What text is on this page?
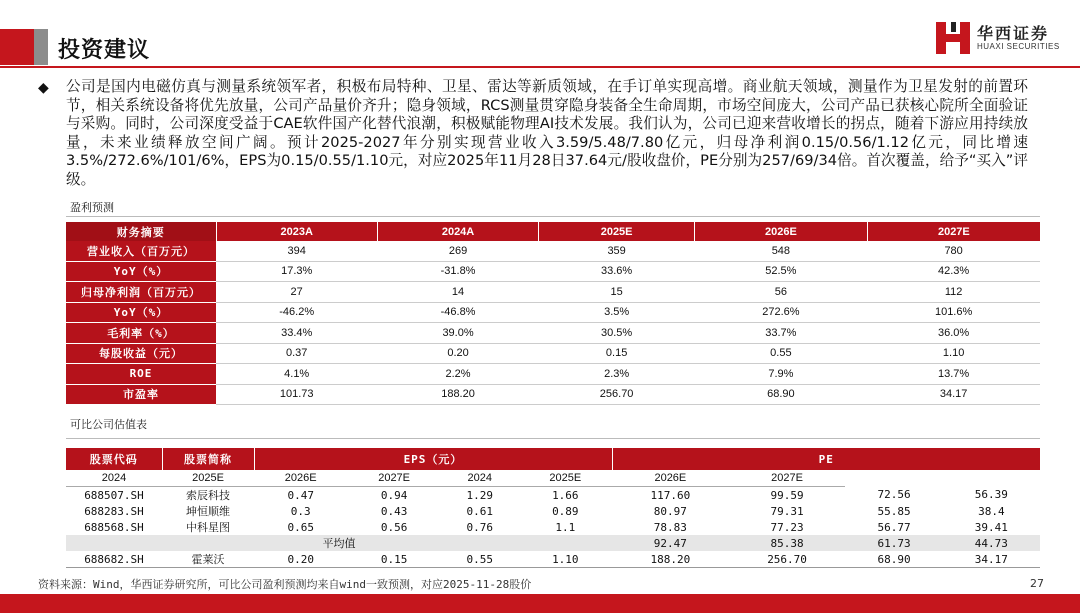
投资建议
华西证券
HUAXI SECURITIES
◆ 公司是国内电磁仿真与测量系统领军者，积极布局特种、卫星、雷达等新质领域，在手订单实现高增。商业航天领域，测量作为卫星发射的前置环节，相关系统设备将优先放量，公司产品量价齐升；隐身领域，RCS测量贯穿隐身装备全生命周期，市场空间庞大，公司产品已获核心院所全面验证与采购。同时，公司深度受益于CAE软件国产化替代浪潮，积极赋能物理AI技术发展。我们认为，公司已迎来营收增长的拐点，随着下游应用持续放量，未来业绩释放空间广阔。预计2025-2027年分别实现营业收入3.59/5.48/7.80亿元，归母净利润0.15/0.56/1.12亿元，同比增速3.5%/272.6%/101/6%，EPS为0.15/0.55/1.10元，对应2025年11月28日37.64元/股收盘价，PE分别为257/69/34倍。首次覆盖，给予“买入”评级。
盈利预测
财务摘要	2023A	2024A	2025E	2026E	2027E
营业收入（百万元）	394	269	359	548	780
YoY（%）	17.3%	-31.8%	33.6%	52.5%	42.3%
归母净利润（百万元）	27	14	15	56	112
YoY（%）	-46.2%	-46.8%	3.5%	272.6%	101.6%
毛利率（%）	33.4%	39.0%	30.5%	33.7%	36.0%
每股收益（元）	0.37	0.20	0.15	0.55	1.10
ROE	4.1%	2.2%	2.3%	7.9%	13.7%
市盈率	101.73	188.20	256.70	68.90	34.17
可比公司估值表
股票代码	股票简称	EPS（元）				PE			
2024	2025E	2026E	2027E	2024	2025E	2026E	2027E		
688507.SH	索辰科技	0.47	0.94	1.29	1.66	117.60	99.59	72.56	56.39
688283.SH	坤恒顺维	0.3	0.43	0.61	0.89	80.97	79.31	55.85	38.4
688568.SH	中科星图	0.65	0.56	0.76	1.1	78.83	77.23	56.77	39.41
平均值						92.47	85.38	61.73	44.73
688682.SH	霍莱沃	0.20	0.15	0.55	1.10	188.20	256.70	68.90	34.17
资料来源：Wind，华西证券研究所，可比公司盈利预测均来自wind一致预测，对应2025-11-28股价	27
